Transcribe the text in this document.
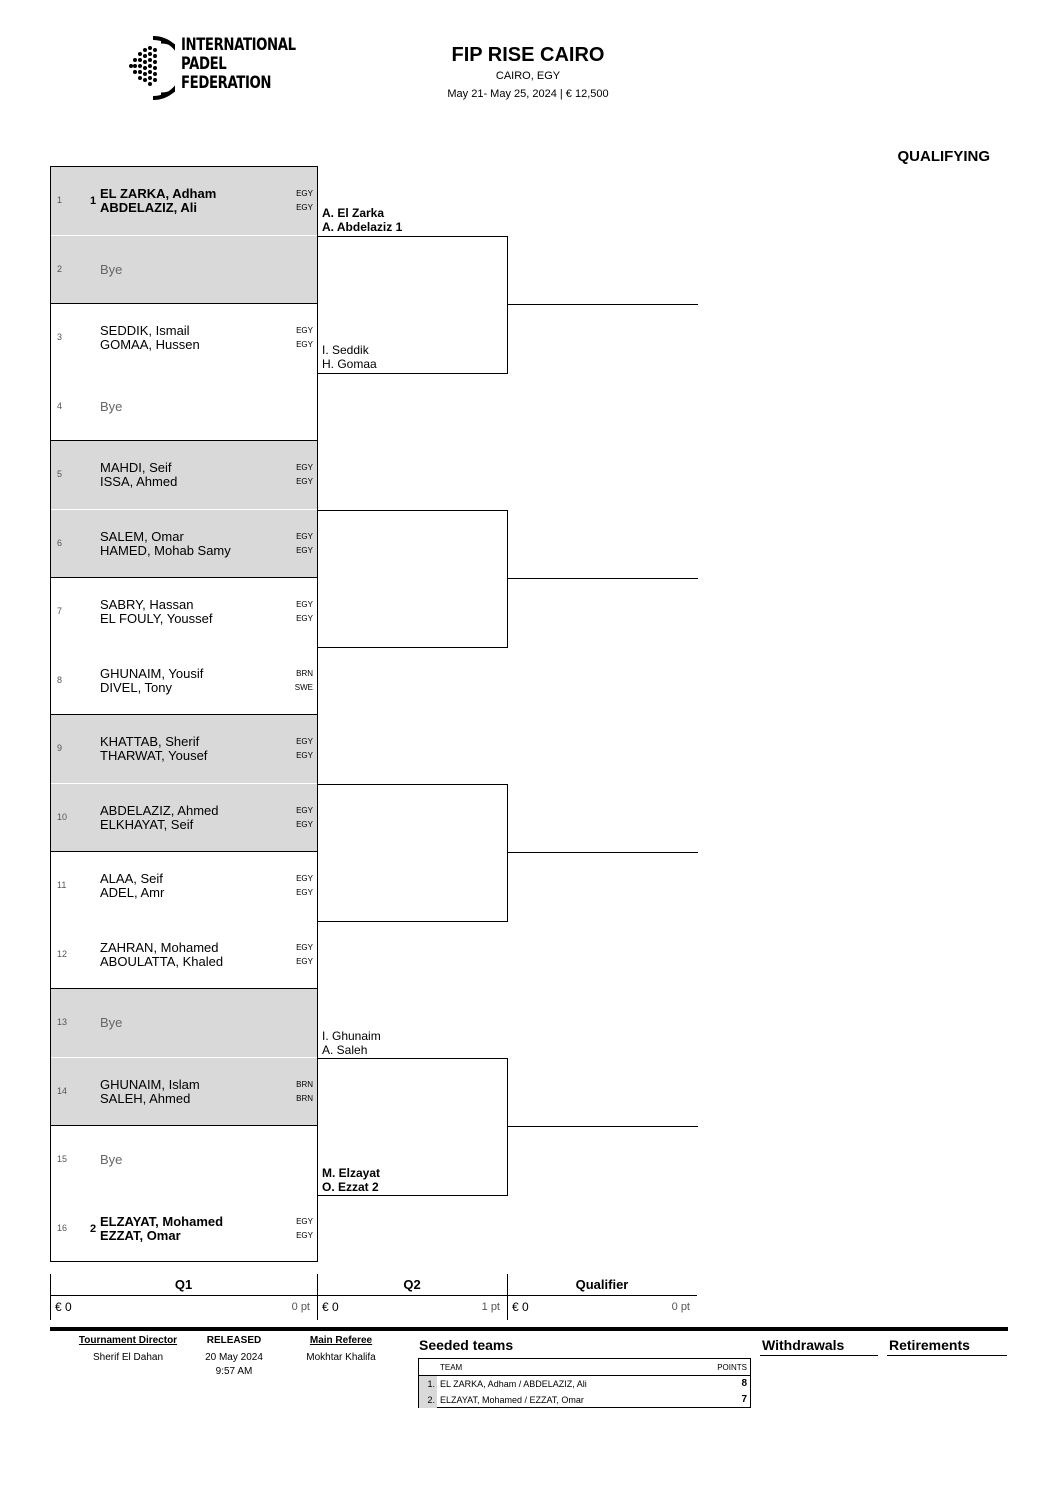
INTERNATIONAL
PADEL
FEDERATION
FIP RISE CAIRO
CAIRO, EGY
May 21- May 25, 2024 | € 12,500
QUALIFYING
1	1 EL ZARKA, Adham
ABDELAZIZ, Ali
EGY
EGY
2	Bye
3	SEDDIK, Ismail
GOMAA, Hussen
EGY
EGY
4	Bye
5	MAHDI, Seif
ISSA, Ahmed
EGY
EGY
6	SALEM, Omar
HAMED, Mohab Samy
EGY
EGY
7	SABRY, Hassan
EL FOULY, Youssef
EGY
EGY
8	GHUNAIM, Yousif
DIVEL, Tony
BRN
SWE
9	KHATTAB, Sherif
THARWAT, Yousef
EGY
EGY
10	ABDELAZIZ, Ahmed
ELKHAYAT, Seif
EGY
EGY
11	ALAA, Seif
ADEL, Amr
EGY
EGY
12	ZAHRAN, Mohamed
ABOULATTA, Khaled
EGY
EGY
13	Bye
14	GHUNAIM, Islam
SALEH, Ahmed
BRN
BRN
15	Bye
16 2 ELZAYAT, Mohamed
EZZAT, Omar
EGY
EGY
A. El Zarka
A. Abdelaziz 1
I. Seddik
H. Gomaa
I. Ghunaim
A. Saleh
M. Elzayat
O. Ezzat 2
Q1	Q2	Qualifier
€ 0	0 pt € 0	1 pt € 0	0 pt
Tournament Director
Sherif El Dahan
RELEASED
20 May 2024
9:57 AM
Main Referee
Mokhtar Khalifa
Seeded teams
TEAM	POINTS
1. EL ZARKA, Adham / ABDELAZIZ, Ali	8
2. ELZAYAT, Mohamed / EZZAT, Omar	7
Withdrawals	Retirements
